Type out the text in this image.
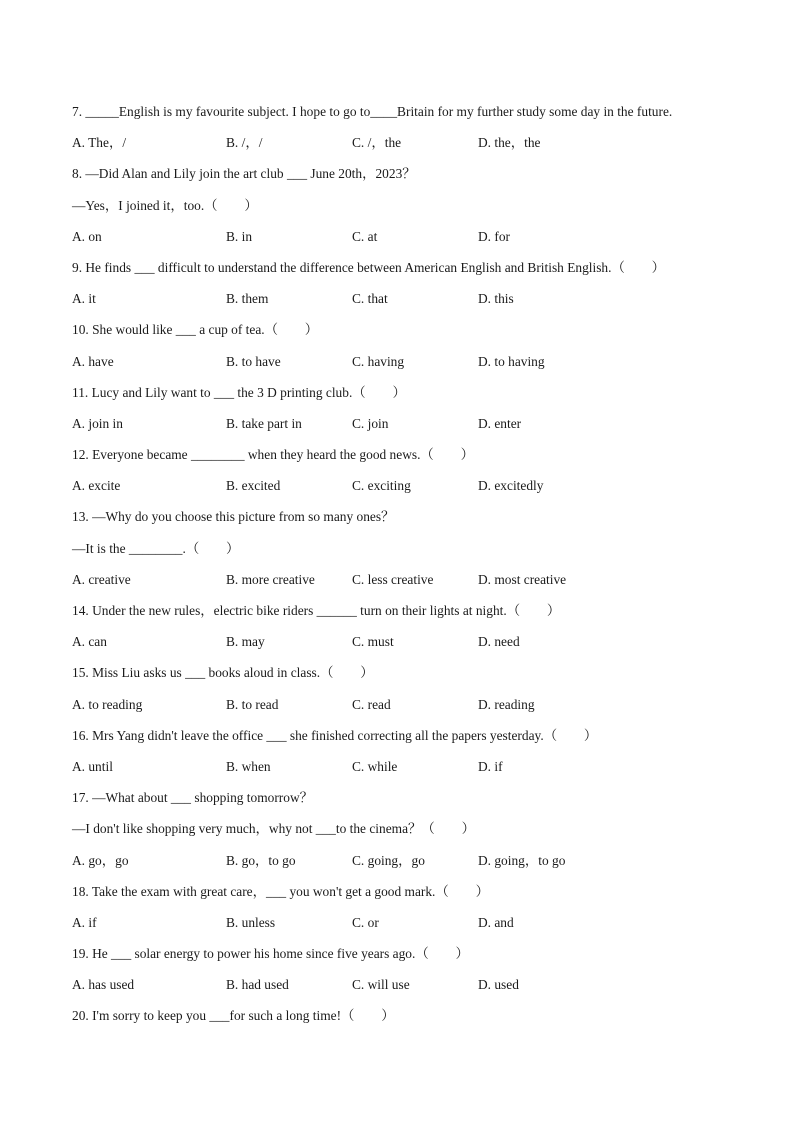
7. _____English is my favourite subject. I hope to go to____Britain for my further study some day in the future.
A. The，/	B. /，/	C. /，the	D. the，the
8. —Did Alan and Lily join the art club ___ June 20th，2023？
—Yes，I joined it，too.（　　）
A. on	B. in	C. at	D. for
9. He finds ___ difficult to understand the difference between American English and British English.（　　）
A. it	B. them	C. that	D. this
10. She would like ___ a cup of tea.（　　）
A. have	B. to have	C. having	D. to having
11. Lucy and Lily want to ___ the 3 D printing club.（　　）
A. join in	B. take part in	C. join	D. enter
12. Everyone became ________ when they heard the good news.（　　）
A. excite	B. excited	C. exciting	D. excitedly
13. —Why do you choose this picture from so many ones？
—It is the ________.（　　）
A. creative	B. more creative	C. less creative	D. most creative
14. Under the new rules，electric bike riders ______ turn on their lights at night.（　　）
A. can	B. may	C. must	D. need
15. Miss Liu asks us ___ books aloud in class.（　　）
A. to reading	B. to read	C. read	D. reading
16. Mrs Yang didn't leave the office ___ she finished correcting all the papers yesterday.（　　）
A. until	B. when	C. while	D. if
17. —What about ___ shopping tomorrow？
—I don't like shopping very much，why not ___to the cinema？（　　）
A. go，go	B. go，to go	C. going，go	D. going，to go
18. Take the exam with great care，___ you won't get a good mark.（　　）
A. if	B. unless	C. or	D. and
19. He ___ solar energy to power his home since five years ago.（　　）
A. has used	B. had used	C. will use	D. used
20. I'm sorry to keep you ___for such a long time!（　　）
